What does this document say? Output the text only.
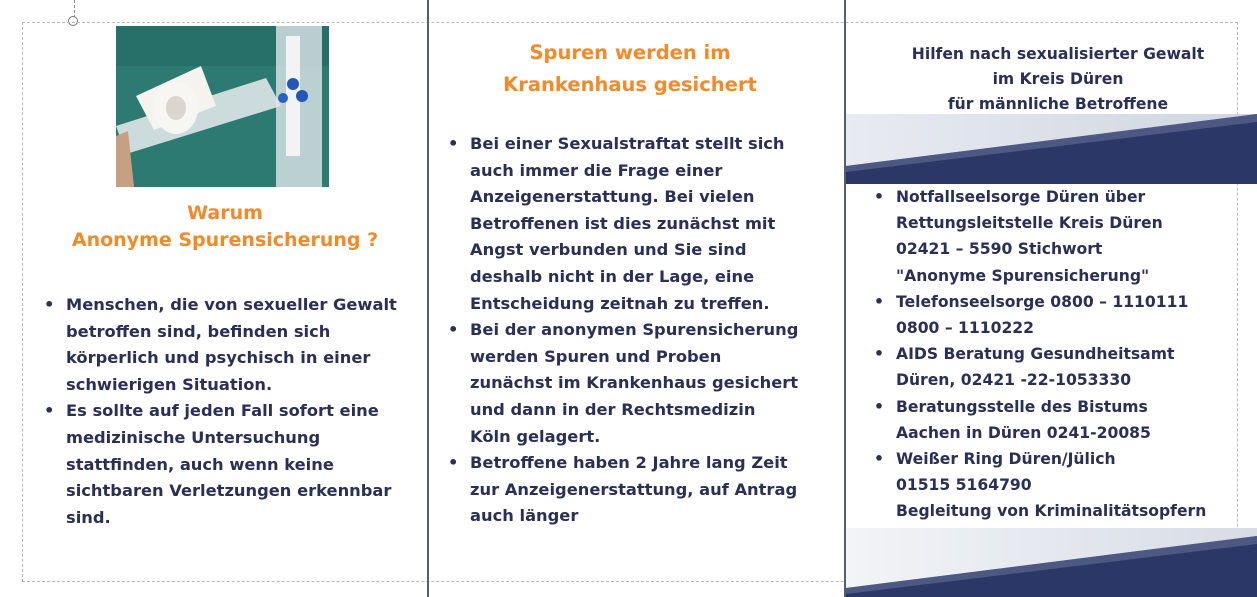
Warum
Anonyme Spurensicherung ?
• Menschen, die von sexueller Gewalt
betroffen sind, befinden sich
körperlich und psychisch in einer
schwierigen Situation.
• Es sollte auf jeden Fall sofort eine
medizinische Untersuchung
stattfinden, auch wenn keine
sichtbaren Verletzungen erkennbar
sind.
Spuren werden im
Krankenhaus gesichert
• Bei einer Sexualstraftat stellt sich
auch immer die Frage einer
Anzeigenerstattung. Bei vielen
Betroffenen ist dies zunächst mit
Angst verbunden und Sie sind
deshalb nicht in der Lage, eine
Entscheidung zeitnah zu treffen.
• Bei der anonymen Spurensicherung
werden Spuren und Proben
zunächst im Krankenhaus gesichert
und dann in der Rechtsmedizin
Köln gelagert.
• Betroffene haben 2 Jahre lang Zeit
zur Anzeigenerstattung, auf Antrag
auch länger
Hilfen nach sexualisierter Gewalt
im Kreis Düren
für männliche Betroffene
• Notfallseelsorge Düren über
Rettungsleitstelle Kreis Düren
02421 – 5590 Stichwort
"Anonyme Spurensicherung"
• Telefonseelsorge 0800 – 1110111
0800 – 1110222
• AIDS Beratung Gesundheitsamt
Düren, 02421 -22-1053330
• Beratungsstelle des Bistums
Aachen in Düren 0241-20085
• Weißer Ring Düren/Jülich
01515 5164790
Begleitung von Kriminalitätsopfern
